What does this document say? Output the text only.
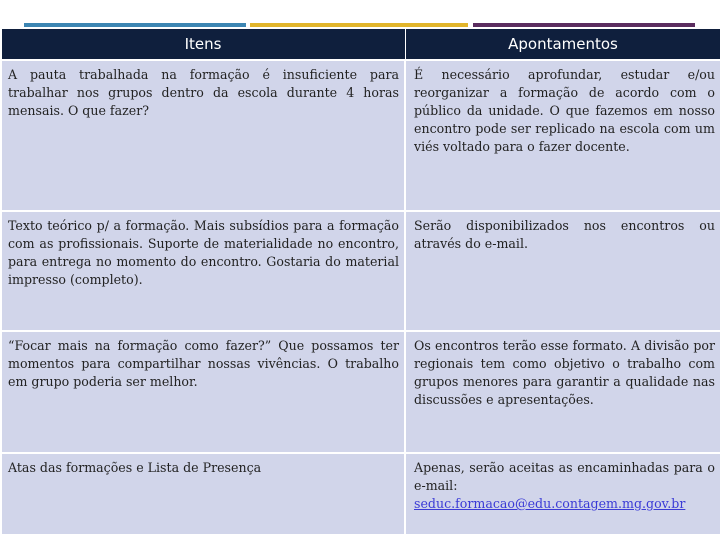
Itens	Apontamentos
A pauta trabalhada na formação é insuficiente para trabalhar nos grupos dentro da escola durante 4 horas mensais. O que fazer?	É necessário aprofundar, estudar e/ou reorganizar a formação de acordo com o público da unidade. O que fazemos em nosso encontro pode ser replicado na escola com um viés voltado para o fazer docente.
Texto teórico p/ a formação. Mais subsídios para a formação com as profissionais. Suporte de materialidade no encontro, para entrega no momento do encontro. Gostaria do material impresso (completo).	Serão disponibilizados nos encontros ou através do e-mail.
“Focar mais na formação como fazer?” Que possamos ter momentos para compartilhar nossas vivências. O trabalho em grupo poderia ser melhor.	Os encontros terão esse formato. A divisão por regionais tem como objetivo o trabalho com grupos menores para garantir a qualidade nas discussões e apresentações.
Atas das formações e Lista de Presença	Apenas, serão aceitas as encaminhadas para o e-mail:
seduc.formacao@edu.contagem.mg.gov.br
